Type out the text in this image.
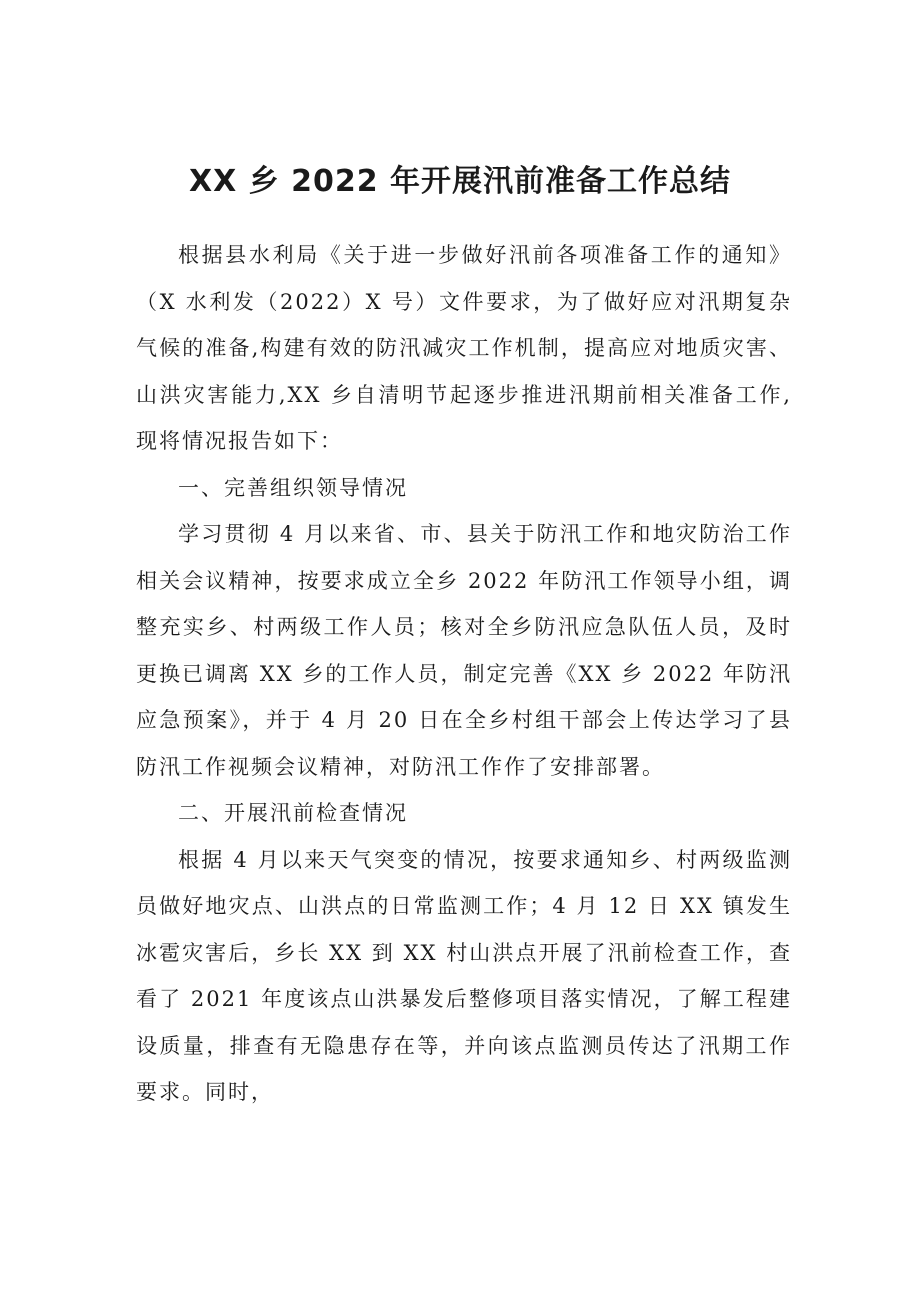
XX 乡 2022 年开展汛前准备工作总结

根据县水利局《关于进一步做好汛前各项准备工作的通知》（X 水利发（2022）X 号）文件要求，为了做好应对汛期复杂气候的准备,构建有效的防汛减灾工作机制，提高应对地质灾害、山洪灾害能力,XX 乡自清明节起逐步推进汛期前相关准备工作,现将情况报告如下：

一、完善组织领导情况

学习贯彻 4 月以来省、市、县关于防汛工作和地灾防治工作相关会议精神，按要求成立全乡 2022 年防汛工作领导小组，调整充实乡、村两级工作人员；核对全乡防汛应急队伍人员，及时更换已调离 XX 乡的工作人员，制定完善《XX 乡 2022 年防汛应急预案》，并于 4 月 20 日在全乡村组干部会上传达学习了县防汛工作视频会议精神，对防汛工作作了安排部署。

二、开展汛前检查情况

根据 4 月以来天气突变的情况，按要求通知乡、村两级监测员做好地灾点、山洪点的日常监测工作；4 月 12 日 XX 镇发生冰雹灾害后，乡长 XX 到 XX 村山洪点开展了汛前检查工作，查看了 2021 年度该点山洪暴发后整修项目落实情况，了解工程建设质量，排查有无隐患存在等，并向该点监测员传达了汛期工作要求。同时，
